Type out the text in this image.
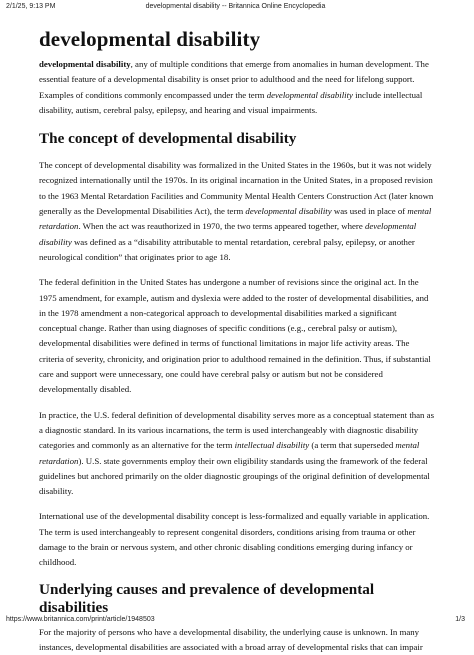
2/1/25, 9:13 PM	developmental disability -- Britannica Online Encyclopedia
developmental disability

developmental disability, any of multiple conditions that emerge from anomalies in human development. The essential feature of a developmental disability is onset prior to adulthood and the need for lifelong support. Examples of conditions commonly encompassed under the term developmental disability include intellectual disability, autism, cerebral palsy, epilepsy, and hearing and visual impairments.

The concept of developmental disability

The concept of developmental disability was formalized in the United States in the 1960s, but it was not widely recognized internationally until the 1970s. In its original incarnation in the United States, in a proposed revision to the 1963 Mental Retardation Facilities and Community Mental Health Centers Construction Act (later known generally as the Developmental Disabilities Act), the term developmental disability was used in place of mental retardation. When the act was reauthorized in 1970, the two terms appeared together, where developmental disability was defined as a “disability attributable to mental retardation, cerebral palsy, epilepsy, or another neurological condition” that originates prior to age 18.

The federal definition in the United States has undergone a number of revisions since the original act. In the 1975 amendment, for example, autism and dyslexia were added to the roster of developmental disabilities, and in the 1978 amendment a non-categorical approach to developmental disabilities marked a significant conceptual change. Rather than using diagnoses of specific conditions (e.g., cerebral palsy or autism), developmental disabilities were defined in terms of functional limitations in major life activity areas. The criteria of severity, chronicity, and origination prior to adulthood remained in the definition. Thus, if substantial care and support were unnecessary, one could have cerebral palsy or autism but not be considered developmentally disabled.

In practice, the U.S. federal definition of developmental disability serves more as a conceptual statement than as a diagnostic standard. In its various incarnations, the term is used interchangeably with diagnostic disability categories and commonly as an alternative for the term intellectual disability (a term that superseded mental retardation). U.S. state governments employ their own eligibility standards using the framework of the federal guidelines but anchored primarily on the older diagnostic groupings of the original definition of developmental disability.

International use of the developmental disability concept is less-formalized and equally variable in application. The term is used interchangeably to represent congenital disorders, conditions arising from trauma or other damage to the brain or nervous system, and other chronic disabling conditions emerging during infancy or childhood.

Underlying causes and prevalence of developmental disabilities

For the majority of persons who have a developmental disability, the underlying cause is unknown. In many instances, developmental disabilities are associated with a broad array of developmental risks that can impair

https://www.britannica.com/print/article/1948503	1/3
